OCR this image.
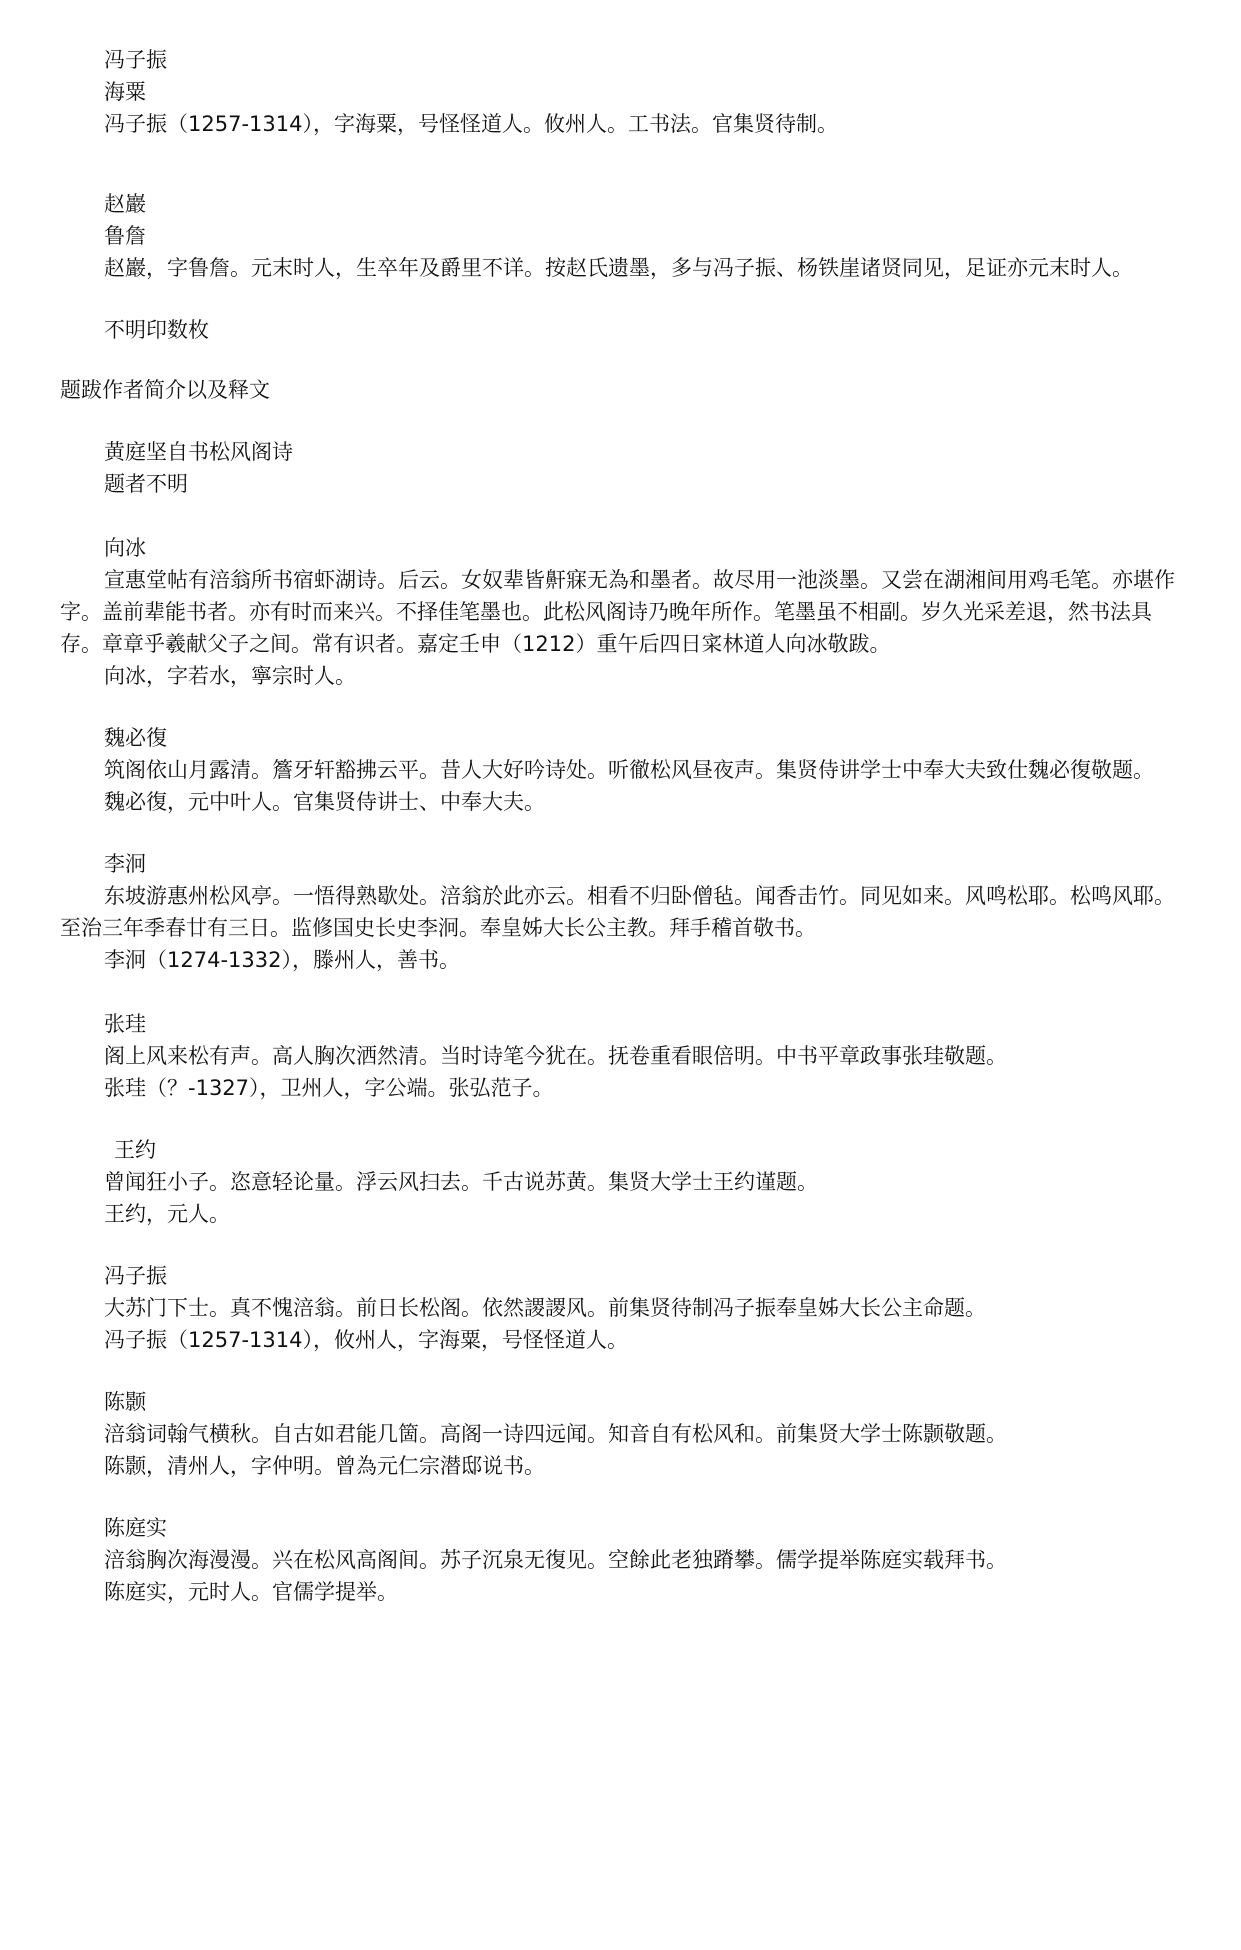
冯子振
海粟
冯子振（1257-1314），字海粟，号怪怪道人。攸州人。工书法。官集贤待制。
赵巖
鲁詹
赵巖，字鲁詹。元末时人，生卒年及爵里不详。按赵氏遗墨，多与冯子振、杨铁崖诸贤同见，足证亦元末时人。
不明印数枚
题跋作者简介以及释文
黄庭坚自书松风阁诗
题者不明
向冰
宣惠堂帖有涪翁所书宿虾湖诗。后云。女奴辈皆鼾寐无為和墨者。故尽用一池淡墨。又尝在湖湘间用鸡毛笔。亦堪作字。盖前辈能书者。亦有时而来兴。不择佳笔墨也。此松风阁诗乃晚年所作。笔墨虽不相副。岁久光采差退，然书法具存。章章乎羲献父子之间。常有识者。嘉定壬申（1212）重午后四日寀林道人向冰敬跋。
向冰，字若水，寧宗时人。
魏必復
筑阁依山月露清。簷牙轩豁拂云平。昔人大好吟诗处。听徹松风昼夜声。集贤侍讲学士中奉大夫致仕魏必復敬题。
魏必復，元中叶人。官集贤侍讲士、中奉大夫。
李泂
东坡游惠州松风亭。一悟得熟歇处。涪翁於此亦云。相看不归卧僧毡。闻香击竹。同见如来。风鸣松耶。松鸣风耶。至治三年季春廿有三日。监修国史长史李泂。奉皇姊大长公主教。拜手稽首敬书。
李泂（1274-1332），滕州人，善书。
张珪
阁上风来松有声。高人胸次洒然清。当时诗笔今犹在。抚卷重看眼倍明。中书平章政事张珪敬题。
张珪（？-1327），卫州人，字公端。张弘范子。
王约
曾闻狂小子。恣意轻论量。浮云风扫去。千古说苏黄。集贤大学士王约谨题。
王约，元人。
冯子振
大苏门下士。真不愧涪翁。前日长松阁。依然謖謖风。前集贤待制冯子振奉皇姊大长公主命题。
冯子振（1257-1314），攸州人，字海粟，号怪怪道人。
陈颢
涪翁词翰气横秋。自古如君能几箇。高阁一诗四远闻。知音自有松风和。前集贤大学士陈颢敬题。
陈颢，清州人，字仲明。曾為元仁宗潜邸说书。
陈庭实
涪翁胸次海漫漫。兴在松风高阁间。苏子沉泉无復见。空餘此老独蹐攀。儒学提举陈庭实载拜书。
陈庭实，元时人。官儒学提举。
